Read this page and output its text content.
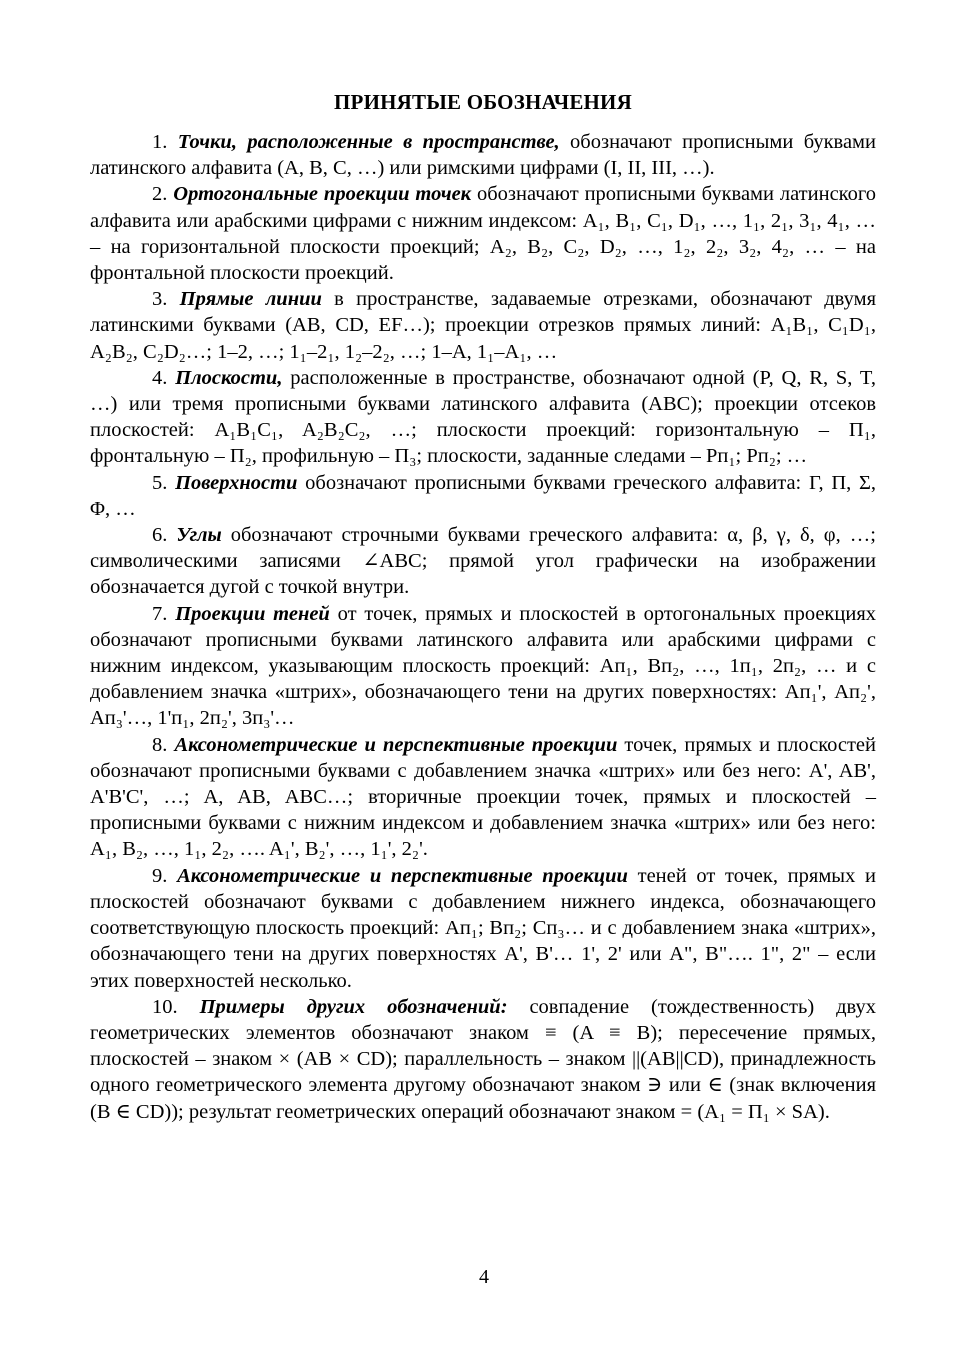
ПРИНЯТЫЕ ОБОЗНАЧЕНИЯ

1. Точки, расположенные в пространстве, обозначают прописными буквами латинского алфавита (A, B, C, …) или римскими цифрами (I, II, III, …).

2. Ортогональные проекции точек обозначают прописными буквами латинского алфавита или арабскими цифрами с нижним индексом: A₁, B₁, C₁, D₁, …, 1₁, 2₁, 3₁, 4₁, … – на горизонтальной плоскости проекций; A₂, B₂, C₂, D₂, …, 1₂, 2₂, 3₂, 4₂, … – на фронтальной плоскости проекций.

3. Прямые линии в пространстве, задаваемые отрезками, обозначают двумя латинскими буквами (AB, CD, EF…); проекции отрезков прямых линий: A₁B₁, C₁D₁, A₂B₂, C₂D₂…; 1–2, …; 1₁–2₁, 1₂–2₂, …; 1–A, 1₁–A₁, …

4. Плоскости, расположенные в пространстве, обозначают одной (P, Q, R, S, T, …) или тремя прописными буквами латинского алфавита (ABC); проекции отсеков плоскостей: A₁B₁C₁, A₂B₂C₂, …; плоскости проекций: горизонтальную – П₁, фронтальную – П₂, профильную – П₃; плоскости, заданные следами – Pп₁; Pп₂; …

5. Поверхности обозначают прописными буквами греческого алфавита: Г, П, Σ, Φ, …

6. Углы обозначают строчными буквами греческого алфавита: α, β, γ, δ, φ, …; символическими записями ∠ABC; прямой угол графически на изображении обозначается дугой с точкой внутри.

7. Проекции теней от точек, прямых и плоскостей в ортогональных проекциях обозначают прописными буквами латинского алфавита или арабскими цифрами с нижним индексом, указывающим плоскость проекций: Aп₁, Bп₂, …, 1п₁, 2п₂, … и с добавлением значка «штрих», обозначающего тени на других поверхностях: Aп₁', Aп₂', Aп₃'…, 1'п₁, 2п₂', 3п₃'…

8. Аксонометрические и перспективные проекции точек, прямых и плоскостей обозначают прописными буквами с добавлением значка «штрих» или без него: A', AB', A'B'C', …; A, AB, ABC…; вторичные проекции точек, прямых и плоскостей – прописными буквами с нижним индексом и добавлением значка «штрих» или без него: A₁, B₂, …, 1₁, 2₂, …. A₁', B₂', …, 1₁', 2₂'.

9. Аксонометрические и перспективные проекции теней от точек, прямых и плоскостей обозначают буквами с добавлением нижнего индекса, обозначающего соответствующую плоскость проекций: Aп₁; Bп₂; Cп₃… и с добавлением знака «штрих», обозначающего тени на других поверхностях A', B'… 1', 2' или A", B"…. 1", 2" – если этих поверхностей несколько.

10. Примеры других обозначений: совпадение (тождественность) двух геометрических элементов обозначают знаком ≡ (A ≡ B); пересечение прямых, плоскостей – знаком × (AB × CD); параллельность – знаком ||(AB||CD), принадлежность одного геометрического элемента другому обозначают знаком ∋ или ∈ (знак включения (B ∈ CD)); результат геометрических операций обозначают знаком = (A₁ = П₁ × SA).

4
